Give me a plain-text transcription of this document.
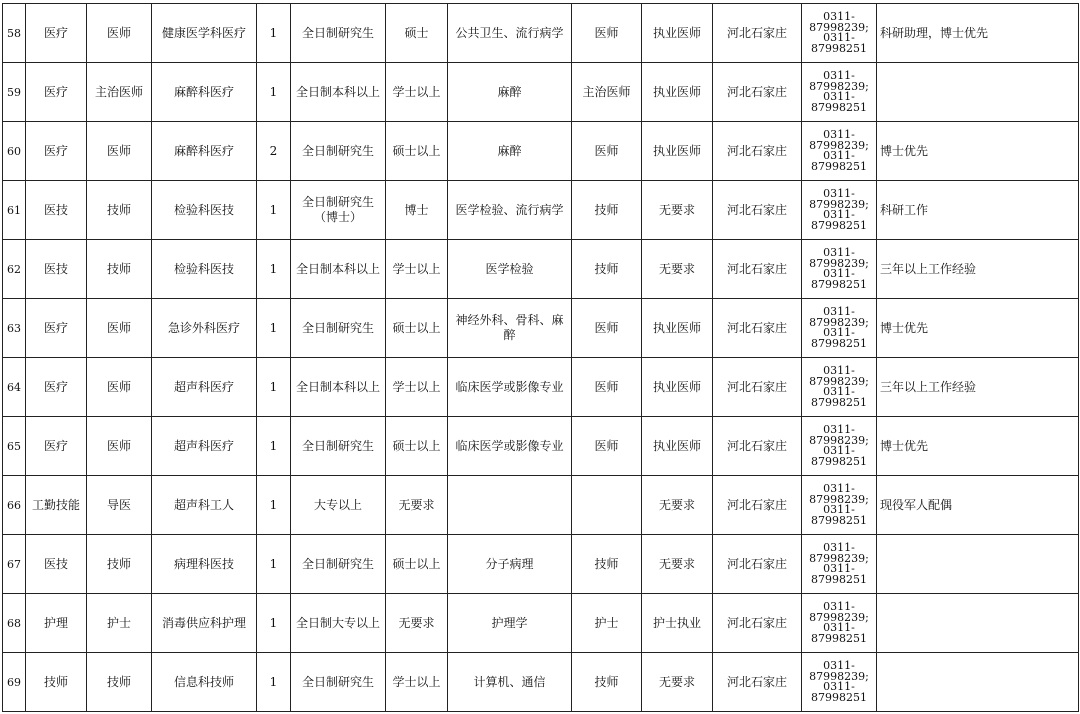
58	医疗	医师	健康医学科医疗	1	全日制研究生	硕士	公共卫生、流行病学	医师	执业医师	河北石家庄	0311-
87998239;
0311-
87998251	科研助理，博士优先
59	医疗	主治医师	麻醉科医疗	1	全日制本科以上	学士以上	麻醉	主治医师	执业医师	河北石家庄	0311-
87998239;
0311-
87998251	

60	医疗	医师	麻醉科医疗	2	全日制研究生	硕士以上	麻醉	医师	执业医师	河北石家庄	0311-
87998239;
0311-
87998251	博士优先
61	医技	技师	检验科医技	1	全日制研究生（博士）	博士	医学检验、流行病学	技师	无要求	河北石家庄	0311-
87998239;
0311-
87998251	科研工作
62	医技	技师	检验科医技	1	全日制本科以上	学士以上	医学检验	技师	无要求	河北石家庄	0311-
87998239;
0311-
87998251	三年以上工作经验
63	医疗	医师	急诊外科医疗	1	全日制研究生	硕士以上	神经外科、骨科、麻醉	医师	执业医师	河北石家庄	0311-
87998239;
0311-
87998251	博士优先
64	医疗	医师	超声科医疗	1	全日制本科以上	学士以上	临床医学或影像专业	医师	执业医师	河北石家庄	0311-
87998239;
0311-
87998251	三年以上工作经验
65	医疗	医师	超声科医疗	1	全日制研究生	硕士以上	临床医学或影像专业	医师	执业医师	河北石家庄	0311-
87998239;
0311-
87998251	博士优先
66	工勤技能	导医	超声科工人	1	大专以上	无要求			无要求	河北石家庄	0311-
87998239;
0311-
87998251	现役军人配偶
67	医技	技师	病理科医技	1	全日制研究生	硕士以上	分子病理	技师	无要求	河北石家庄	0311-
87998239;
0311-
87998251	

68	护理	护士	消毒供应科护理	1	全日制大专以上	无要求	护理学	护士	护士执业	河北石家庄	0311-
87998239;
0311-
87998251	

69	技师	技师	信息科技师	1	全日制研究生	学士以上	计算机、通信	技师	无要求	河北石家庄	0311-
87998239;
0311-
87998251	
